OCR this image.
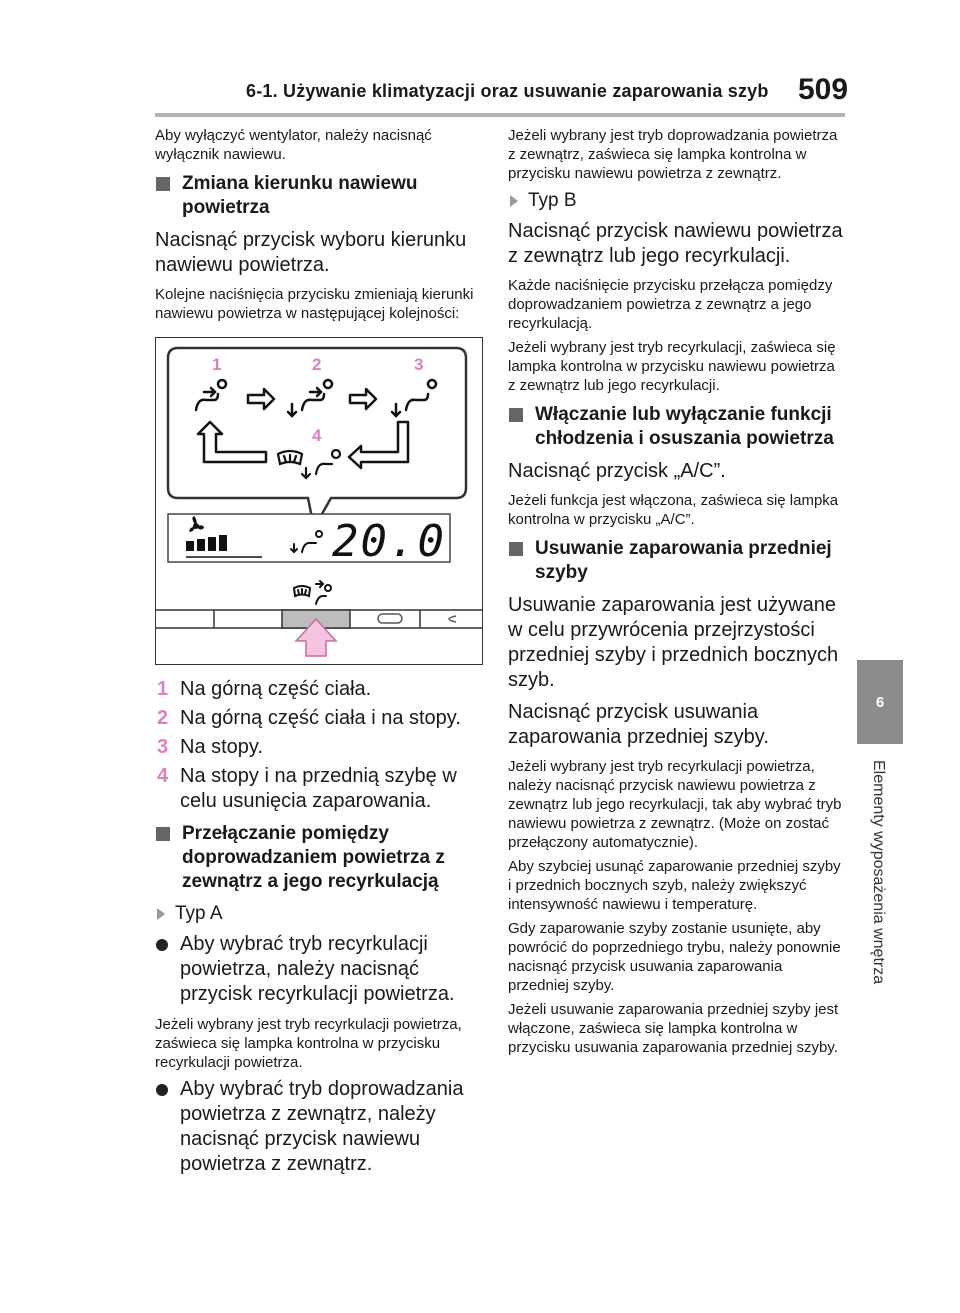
6-1. Używanie klimatyzacji oraz usuwanie zaparowania szyb 509
6
Elementy wyposażenia wnętrza

Aby wyłączyć wentylator, należy nacisnąć wyłącznik nawiewu.

Zmiana kierunku nawiewu powietrza

Nacisnąć przycisk wyboru kierunku nawiewu powietrza.

Kolejne naciśnięcia przycisku zmieniają kierunki nawiewu powietrza w następującej kolejności:

1	2	3
4
20.0
1 Na górną część ciała.
2 Na górną część ciała i na stopy.
3 Na stopy.
4 Na stopy i na przednią szybę w celu usunięcia zaparowania.
Przełączanie pomiędzy doprowadzaniem powietrza z zewnątrz a jego recyrkulacją
Typ A
Aby wybrać tryb recyrkulacji powietrza, należy nacisnąć przycisk recyrkulacji powietrza.

Jeżeli wybrany jest tryb recyrkulacji powietrza, zaświeca się lampka kontrolna w przycisku recyrkulacji powietrza.

Aby wybrać tryb doprowadzania powietrza z zewnątrz, należy nacisnąć przycisk nawiewu powietrza z zewnątrz.

Jeżeli wybrany jest tryb doprowadzania powietrza z zewnątrz, zaświeca się lampka kontrolna w przycisku nawiewu powietrza z zewnątrz.

Typ B

Nacisnąć przycisk nawiewu powietrza z zewnątrz lub jego recyrkulacji.

Każde naciśnięcie przycisku przełącza pomiędzy doprowadzaniem powietrza z zewnątrz a jego recyrkulacją.

Jeżeli wybrany jest tryb recyrkulacji, zaświeca się lampka kontrolna w przycisku nawiewu powietrza z zewnątrz lub jego recyrkulacji.

Włączanie lub wyłączanie funkcji chłodzenia i osuszania powietrza

Nacisnąć przycisk „A/C”.

Jeżeli funkcja jest włączona, zaświeca się lampka kontrolna w przycisku „A/C”.

Usuwanie zaparowania przedniej szyby

Usuwanie zaparowania jest używane w celu przywrócenia przejrzystości przedniej szyby i przednich bocznych szyb.

Nacisnąć przycisk usuwania zaparowania przedniej szyby.

Jeżeli wybrany jest tryb recyrkulacji powietrza, należy nacisnąć przycisk nawiewu powietrza z zewnątrz lub jego recyrkulacji, tak aby wybrać tryb nawiewu powietrza z zewnątrz. (Może on zostać przełączony automatycznie).

Aby szybciej usunąć zaparowanie przedniej szyby i przednich bocznych szyb, należy zwiększyć intensywność nawiewu i temperaturę.

Gdy zaparowanie szyby zostanie usunięte, aby powrócić do poprzedniego trybu, należy ponownie nacisnąć przycisk usuwania zaparowania przedniej szyby.

Jeżeli usuwanie zaparowania przedniej szyby jest włączone, zaświeca się lampka kontrolna w przycisku usuwania zaparowania przedniej szyby.
